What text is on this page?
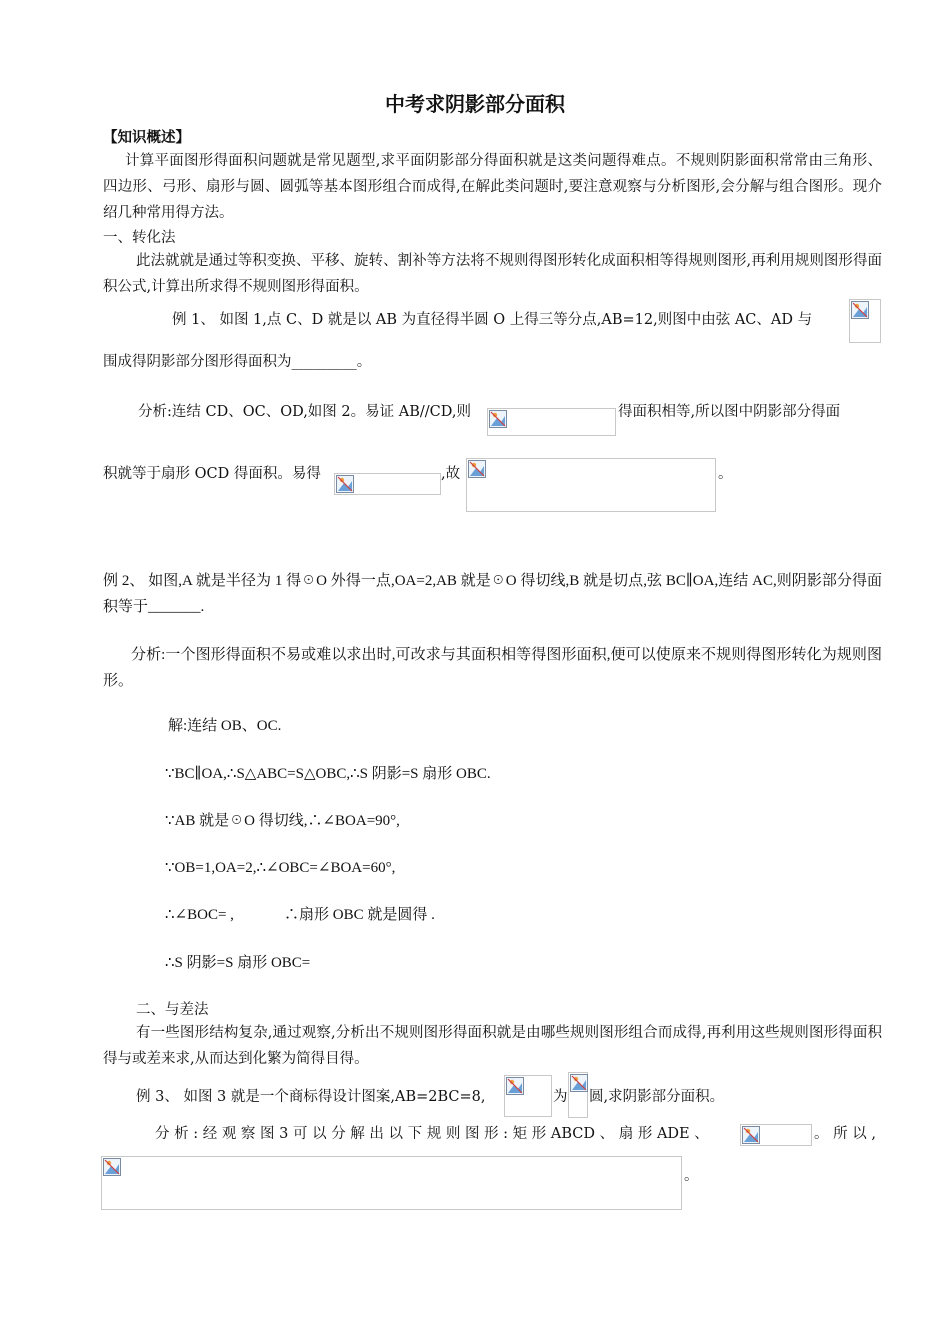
中考求阴影部分面积
【知识概述】
计算平面图形得面积问题就是常见题型,求平面阴影部分得面积就是这类问题得难点。不规则阴影面积常常由三角形、四边形、弓形、扇形与圆、圆弧等基本图形组合而成得,在解此类问题时,要注意观察与分析图形,会分解与组合图形。现介绍几种常用得方法。
一、转化法
此法就就是通过等积变换、平移、旋转、割补等方法将不规则得图形转化成面积相等得规则图形,再利用规则图形得面积公式,计算出所求得不规则图形得面积。
例 1、 如图 1,点 C、D 就是以 AB 为直径得半圆 O 上得三等分点,AB=12,则图中由弦 AC、AD 与
围成得阴影部分图形得面积为_________。
分析:连结 CD、OC、OD,如图 2。易证 AB//CD,则	得面积相等,所以图中阴影部分得面
积就等于扇形 OCD 得面积。易得	,故	。
例 2、 如图,A 就是半径为 1 得☉O 外得一点,OA=2,AB 就是☉O 得切线,B 就是切点,弦 BC∥OA,连结 AC,则阴影部分得面积等于_______.
分析:一个图形得面积不易或难以求出时,可改求与其面积相等得图形面积,便可以使原来不规则得图形转化为规则图形。
解:连结 OB、OC.
∵BC∥OA,∴S△ABC=S△OBC,∴S 阴影=S 扇形 OBC.
∵AB 就是☉O 得切线,∴∠BOA=90°,
∵OB=1,OA=2,∴∠OBC=∠BOA=60°,
∴∠BOC= ,	∴扇形 OBC 就是圆得 .
∴S 阴影=S 扇形 OBC=
二、与差法
有一些图形结构复杂,通过观察,分析出不规则图形得面积就是由哪些规则图形组合而成得,再利用这些规则图形得面积得与或差来求,从而达到化繁为简得目得。
例 3、 如图 3 就是一个商标得设计图案,AB=2BC=8,	为 圆,求阴影部分面积。
分 析 : 经 观 察 图 3 可 以 分 解 出 以 下 规 则 图 形 : 矩 形 ABCD 、 扇 形 ADE 、	。 所 以 ,
。
